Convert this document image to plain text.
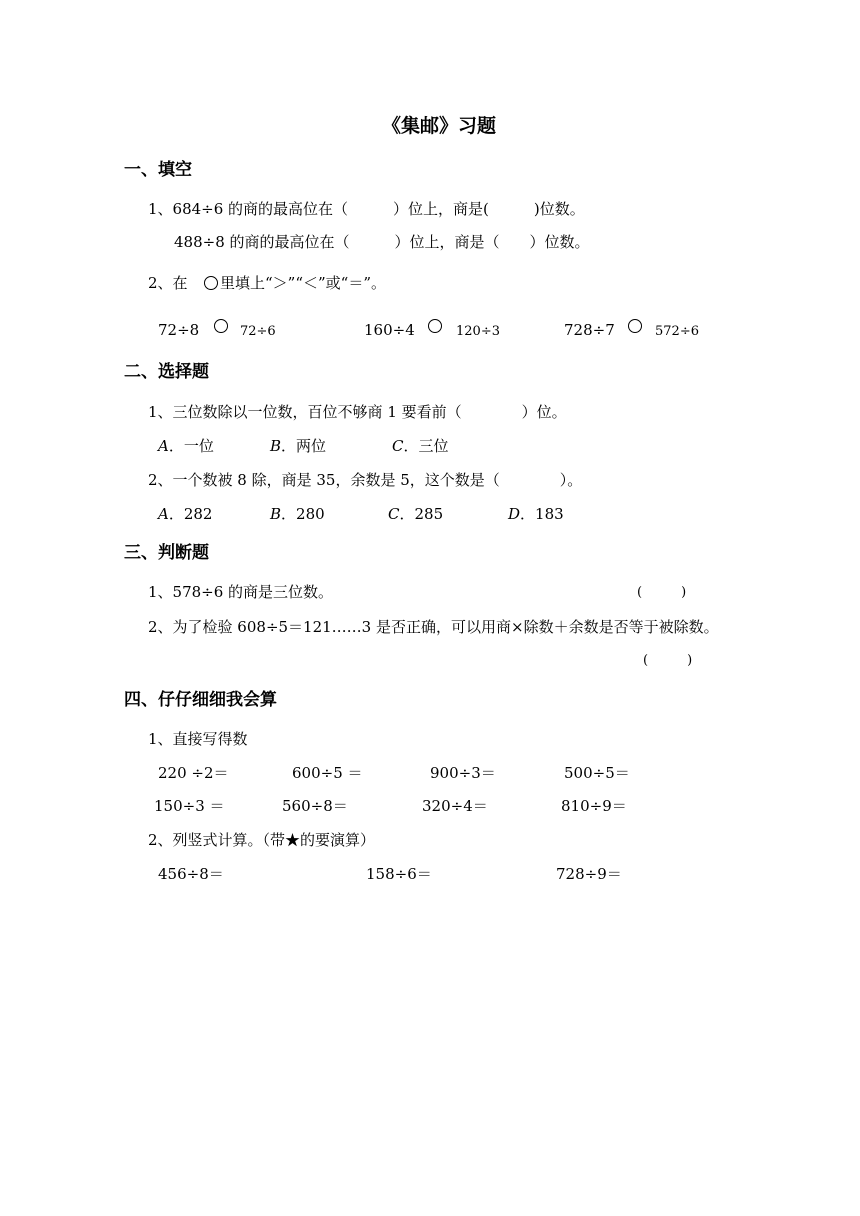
《集邮》习题
一、填空
1、684÷6 的商的最高位在（　　　）位上，商是(　　　)位数。
488÷8 的商的最高位在（　　　）位上，商是（　　）位数。
2、在 里填上“＞”“＜”或“＝”。
72÷8	72÷6	160÷4	120÷3	728÷7	572÷6
二、选择题
1、三位数除以一位数，百位不够商 1 要看前（　　　　）位。
A．一位	B．两位	C．三位
2、一个数被 8 除，商是 35，余数是 5，这个数是（　　　　）。
A．282	B．280	C．285	D．183
三、判断题
1、578÷6 的商是三位数。	(　　　)
2、为了检验 608÷5＝121……3 是否正确，可以用商×除数＋余数是否等于被除数。
(　　　)
四、仔仔细细我会算
1、直接写得数
220 ÷2＝	600÷5 ＝	900÷3＝	500÷5＝
150÷3 ＝	560÷8＝	320÷4＝	810÷9＝
2、列竖式计算。（带★的要演算）
456÷8＝	158÷6＝	728÷9＝
